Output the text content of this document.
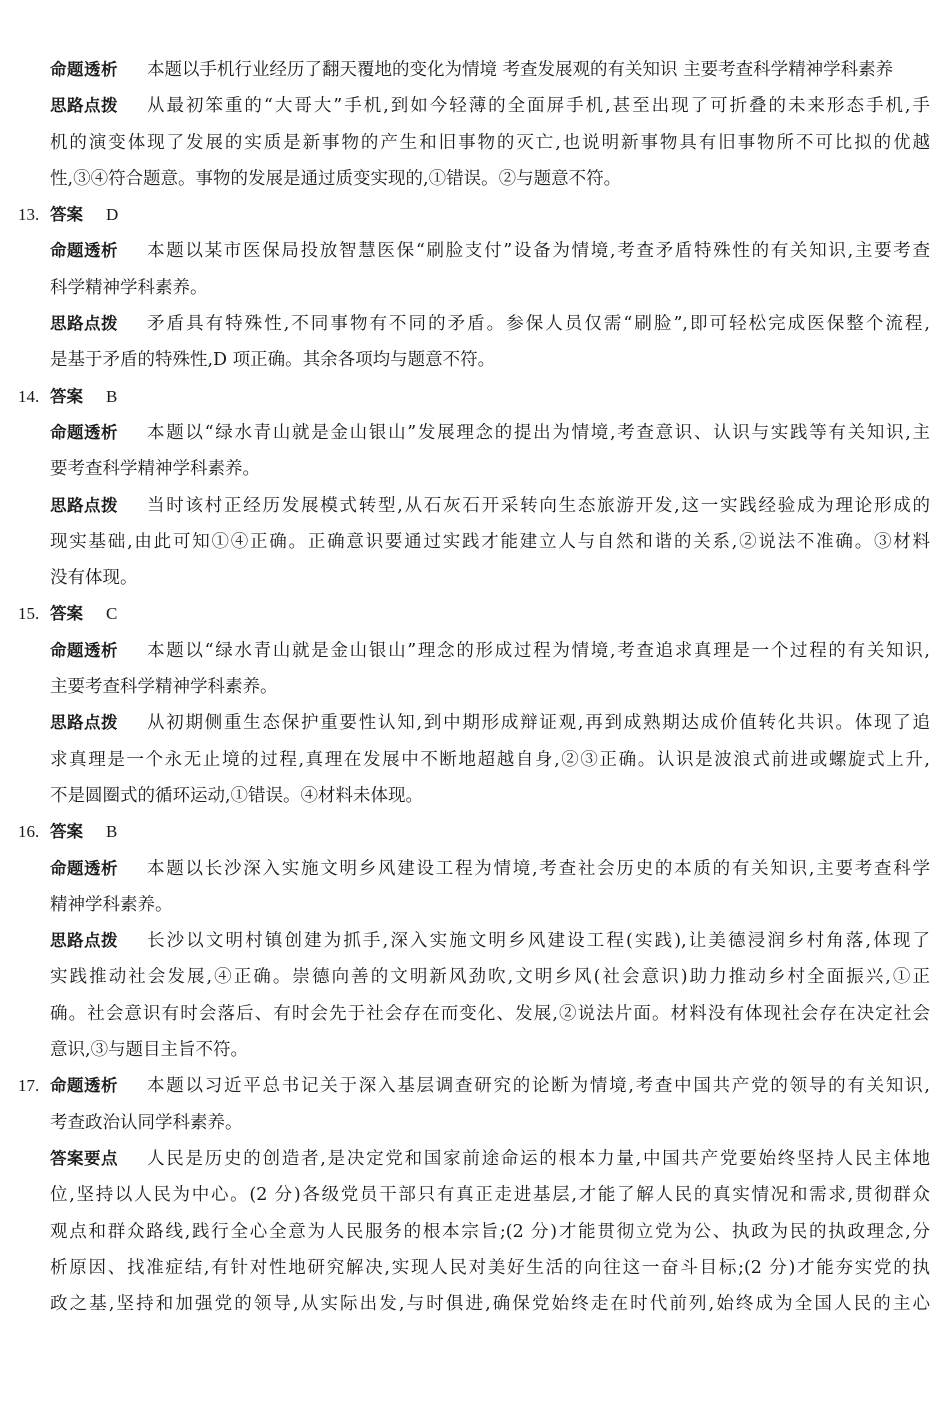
命题透析 本题以手机行业经历了翻天覆地的变化为情境 考查发展观的有关知识 主要考查科学精神学科素养
思路点拨 从最初笨重的“大哥大”手机,到如今轻薄的全面屏手机,甚至出现了可折叠的未来形态手机,手
机的演变体现了发展的实质是新事物的产生和旧事物的灭亡,也说明新事物具有旧事物所不可比拟的优越
性,③④符合题意。事物的发展是通过质变实现的,①错误。②与题意不符。
13. 答案 D
命题透析 本题以某市医保局投放智慧医保“刷脸支付”设备为情境,考查矛盾特殊性的有关知识,主要考查
科学精神学科素养。
思路点拨 矛盾具有特殊性,不同事物有不同的矛盾。参保人员仅需“刷脸”,即可轻松完成医保整个流程,
是基于矛盾的特殊性,D 项正确。其余各项均与题意不符。
14. 答案 B
命题透析 本题以“绿水青山就是金山银山”发展理念的提出为情境,考查意识、认识与实践等有关知识,主
要考查科学精神学科素养。
思路点拨 当时该村正经历发展模式转型,从石灰石开采转向生态旅游开发,这一实践经验成为理论形成的
现实基础,由此可知①④正确。正确意识要通过实践才能建立人与自然和谐的关系,②说法不准确。③材料
没有体现。
15. 答案 C
命题透析 本题以“绿水青山就是金山银山”理念的形成过程为情境,考查追求真理是一个过程的有关知识,
主要考查科学精神学科素养。
思路点拨 从初期侧重生态保护重要性认知,到中期形成辩证观,再到成熟期达成价值转化共识。体现了追
求真理是一个永无止境的过程,真理在发展中不断地超越自身,②③正确。认识是波浪式前进或螺旋式上升,
不是圆圈式的循环运动,①错误。④材料未体现。
16. 答案 B
命题透析 本题以长沙深入实施文明乡风建设工程为情境,考查社会历史的本质的有关知识,主要考查科学
精神学科素养。
思路点拨 长沙以文明村镇创建为抓手,深入实施文明乡风建设工程(实践),让美德浸润乡村角落,体现了
实践推动社会发展,④正确。崇德向善的文明新风劲吹,文明乡风(社会意识)助力推动乡村全面振兴,①正
确。社会意识有时会落后、有时会先于社会存在而变化、发展,②说法片面。材料没有体现社会存在决定社会
意识,③与题目主旨不符。
17. 命题透析 本题以习近平总书记关于深入基层调查研究的论断为情境,考查中国共产党的领导的有关知识,
考查政治认同学科素养。
答案要点 人民是历史的创造者,是决定党和国家前途命运的根本力量,中国共产党要始终坚持人民主体地
位,坚持以人民为中心。(2 分)各级党员干部只有真正走进基层,才能了解人民的真实情况和需求,贯彻群众
观点和群众路线,践行全心全意为人民服务的根本宗旨;(2 分)才能贯彻立党为公、执政为民的执政理念,分
析原因、找准症结,有针对性地研究解决,实现人民对美好生活的向往这一奋斗目标;(2 分)才能夯实党的执
政之基,坚持和加强党的领导,从实际出发,与时俱进,确保党始终走在时代前列,始终成为全国人民的主心
